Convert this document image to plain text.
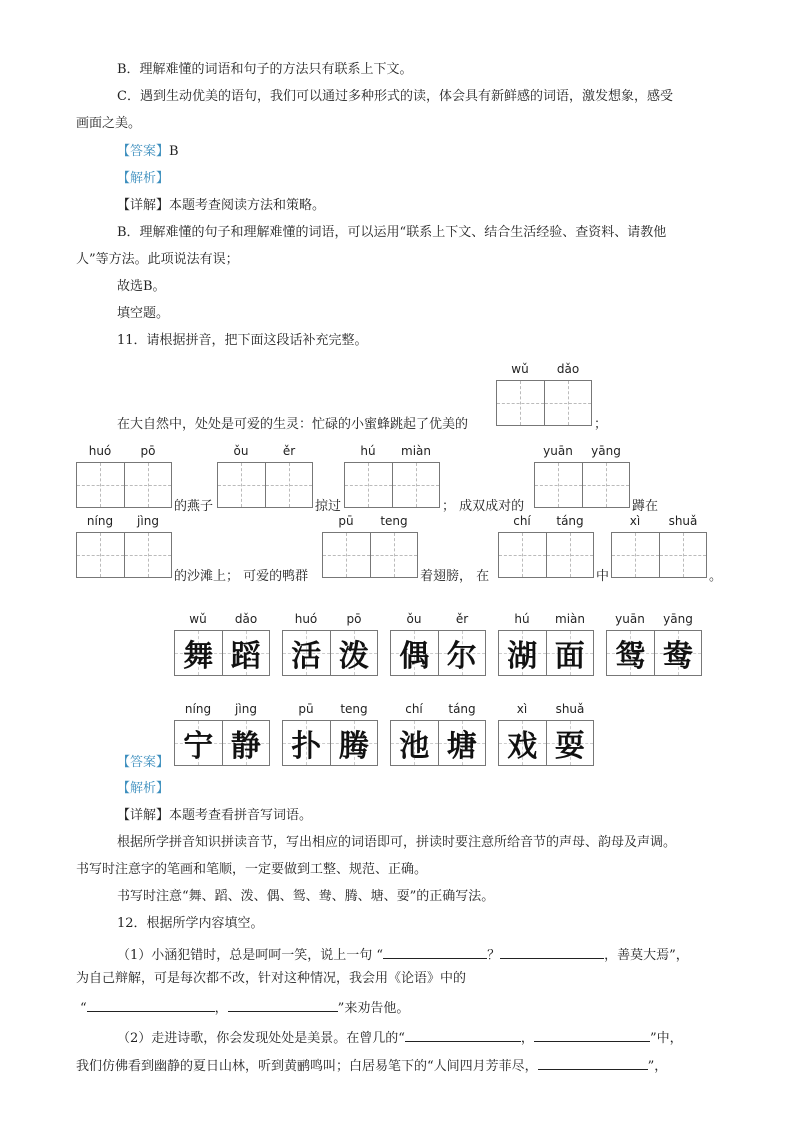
B．理解难懂的词语和句子的方法只有联系上下文。
C．遇到生动优美的语句，我们可以通过多种形式的读，体会具有新鲜感的词语，激发想象，感受
画面之美。
【答案】B
【解析】
【详解】本题考查阅读方法和策略。
B．理解难懂的句子和理解难懂的词语，可以运用“联系上下文、结合生活经验、查资料、请教他
人”等方法。此项说法有误；
故选B。
填空题。
11．请根据拼音，把下面这段话补充完整。
wǔ	dǎo
在大自然中，处处是可爱的生灵：忙碌的小蜜蜂跳起了优美的	；
huó	pō
的燕子
ǒu	ěr
掠过
hú	miàn
； 成双成对的
yuān	yāng
蹲在
níng	jìng
的沙滩上； 可爱的鸭群
pū	teng
着翅膀， 在
chí	táng
中
xì	shuǎ
。
wǔ	dǎo
舞 蹈
huó	pō
活 泼
ǒu	ěr
偶 尔
hú	miàn
湖 面
yuān	yāng
鸳 鸯
níng	jìng
宁 静
pū	teng
扑 腾
chí	táng
池 塘
xì	shuǎ
戏 耍
【答案】
【解析】
【详解】本题考查看拼音写词语。
根据所学拼音知识拼读音节，写出相应的词语即可，拼读时要注意所给音节的声母、韵母及声调。
书写时注意字的笔画和笔顺，一定要做到工整、规范、正确。
书写时注意“舞、蹈、泼、偶、鸳、鸯、腾、塘、耍”的正确写法。
12．根据所学内容填空。
（1）小涵犯错时，总是呵呵一笑，说上一句 “	？	，善莫大焉”，
为自己辩解，可是每次都不改，针对这种情况，我会用《论语》中的
“	，	”来劝告他。
（2）走进诗歌，你会发现处处是美景。在曾几的“	，	”中，
我们仿佛看到幽静的夏日山林，听到黄鹂鸣叫；白居易笔下的“人间四月芳菲尽，	”，
